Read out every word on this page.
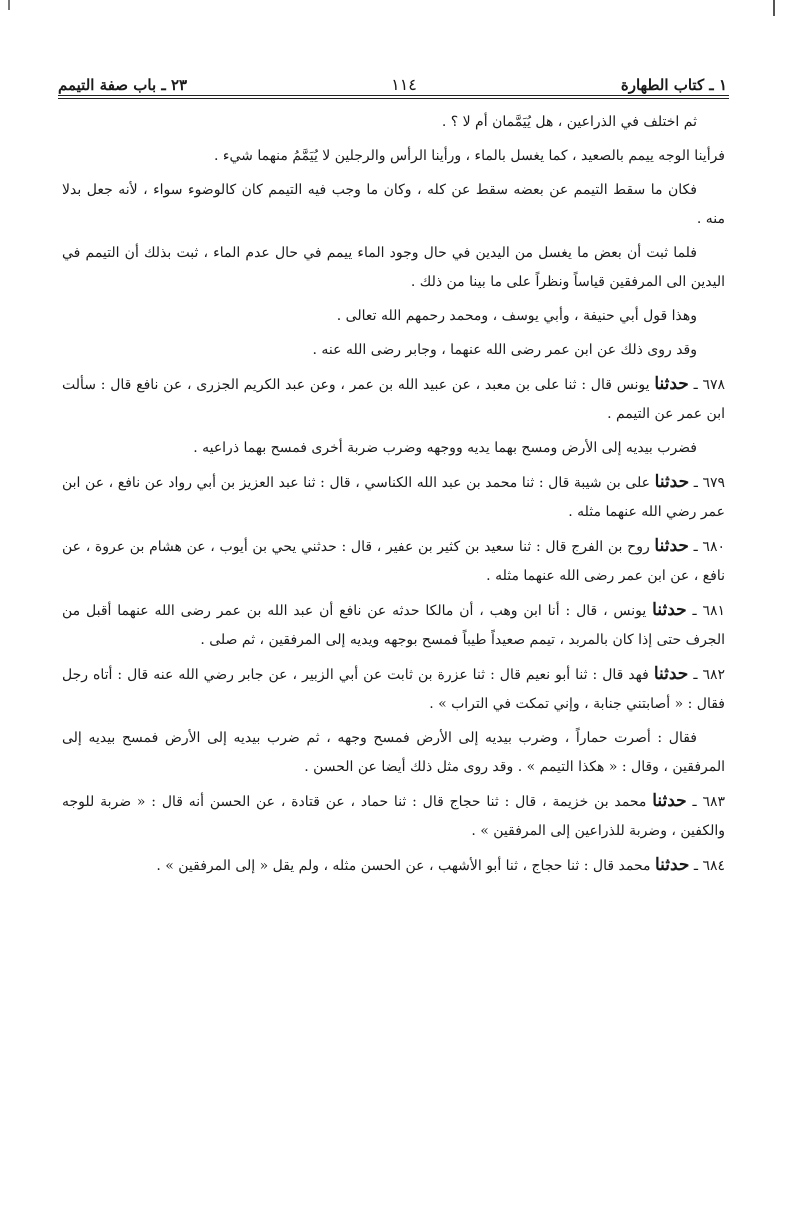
١ ـ كتاب الطهارة
١١٤
٢٣ ـ باب صفة التيمم

ثم اختلف في الذراعين ، هل يُيَمَّمان أم لا ؟ .

فرأينا الوجه ييمم بالصعيد ، كما يغسل بالماء ، ورأينا الرأس والرجلين لا يُيَمَّمُ منهما شيء .

فكان ما سقط التيمم عن بعضه سقط عن كله ، وكان ما وجب فيه التيمم كان كالوضوء سواء ، لأنه جعل بدلا منه .

فلما ثبت أن بعض ما يغسل من اليدين في حال وجود الماء ييمم في حال عدم الماء ، ثبت بذلك أن التيمم في اليدين الى المرفقين قياساً ونظراً على ما بينا من ذلك .

وهذا قول أبي حنيفة ، وأبي يوسف ، ومحمد رحمهم الله تعالى .

وقد روى ذلك عن ابن عمر رضى الله عنهما ، وجابر رضى الله عنه .

٦٧٨ ـ حدثنا يونس قال : ثنا على بن معبد ، عن عبيد الله بن عمر ، وعن عبد الكريم الجزرى ، عن نافع قال : سألت ابن عمر عن التيمم .

فضرب بيديه إلى الأرض ومسح بهما يديه ووجهه وضرب ضربة أخرى فمسح بهما ذراعيه .

٦٧٩ ـ حدثنا على بن شيبة قال : ثنا محمد بن عبد الله الكناسي ، قال : ثنا عبد العزيز بن أبي رواد عن نافع ، عن ابن عمر رضي الله عنهما مثله .

٦٨٠ ـ حدثنا روح بن الفرج قال : ثنا سعيد بن كثير بن عفير ، قال : حدثني يحي بن أيوب ، عن هشام بن عروة ، عن نافع ، عن ابن عمر رضى الله عنهما مثله .

٦٨١ ـ حدثنا يونس ، قال : أنا ابن وهب ، أن مالكا حدثه عن نافع أن عبد الله بن عمر رضى الله عنهما أقبل من الجرف حتى إذا كان بالمربد ، تيمم صعيداً طيباً فمسح بوجهه ويديه إلى المرفقين ، ثم صلى .

٦٨٢ ـ حدثنا فهد قال : ثنا أبو نعيم قال : ثنا عزرة بن ثابت عن أبي الزبير ، عن جابر رضي الله عنه قال : أتاه رجل فقال : « أصابتني جنابة ، وإني تمكت في التراب » .

فقال : أصرت حماراً ، وضرب بيديه إلى الأرض فمسح وجهه ، ثم ضرب بيديه إلى الأرض فمسح بيديه إلى المرفقين ، وقال : « هكذا التيمم » . وقد روى مثل ذلك أيضا عن الحسن .

٦٨٣ ـ حدثنا محمد بن خزيمة ، قال : ثنا حجاج قال : ثنا حماد ، عن قتادة ، عن الحسن أنه قال : « ضربة للوجه والكفين ، وضربة للذراعين إلى المرفقين » .

٦٨٤ ـ حدثنا محمد قال : ثنا حجاج ، ثنا أبو الأشهب ، عن الحسن مثله ، ولم يقل « إلى المرفقين » .
